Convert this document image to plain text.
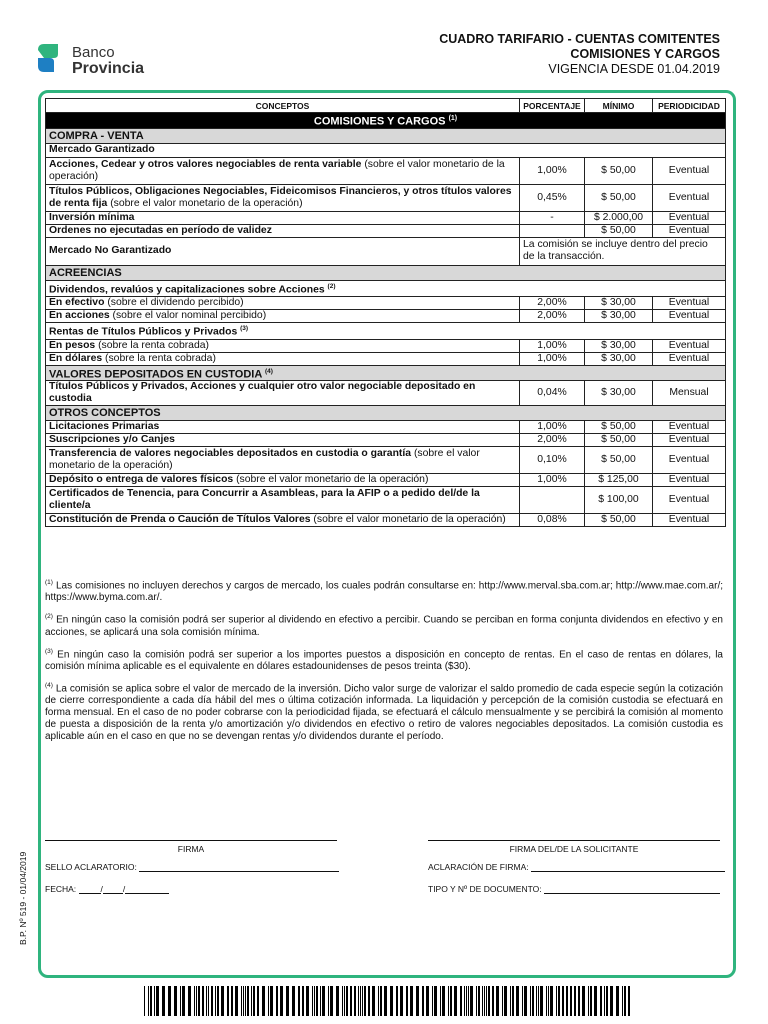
Banco
Provincia
CUADRO TARIFARIO - CUENTAS COMITENTES
COMISIONES Y CARGOS
VIGENCIA DESDE 01.04.2019
CONCEPTOS	PORCENTAJE	MÍNIMO	PERIODICIDAD
COMISIONES Y CARGOS $^{(1)}$
COMPRA - VENTA			
Mercado Garantizado			
Acciones, Cedear y otros valores negociables de renta variable (sobre el valor monetario de la operación)	1,00%	$ 50,00	Eventual
Títulos Públicos, Obligaciones Negociables, Fideicomisos Financieros, y otros títulos valores de renta fija (sobre el valor monetario de la operación)	0,45%	$ 50,00	Eventual
Inversión mínima	-	$ 2.000,00	Eventual
Ordenes no ejecutadas en período de validez		$ 50,00	Eventual
Mercado No Garantizado	La comisión se incluye dentro del precio de la transacción.		
ACREENCIAS			
Dividendos, revalúos y capitalizaciones sobre Acciones $^{(2)}$
En efectivo (sobre el dividendo percibido)	2,00%	$ 30,00	Eventual
En acciones (sobre el valor nominal percibido)	2,00%	$ 30,00	Eventual
Rentas de Títulos Públicos y Privados $^{(3)}$
En pesos (sobre la renta cobrada)	1,00%	$ 30,00	Eventual
En dólares (sobre la renta cobrada)	1,00%	$ 30,00	Eventual
VALORES DEPOSITADOS EN CUSTODIA $^{(4)}$
Títulos Públicos y Privados, Acciones y cualquier otro valor negociable depositado en custodia	0,04%	$ 30,00	Mensual
OTROS CONCEPTOS			
Licitaciones Primarias	1,00%	$ 50,00	Eventual
Suscripciones y/o Canjes	2,00%	$ 50,00	Eventual
Transferencia de valores negociables depositados en custodia o garantía (sobre el valor monetario de la operación)	0,10%	$ 50,00	Eventual
Depósito o entrega de valores físicos (sobre el valor monetario de la operación)	1,00%	$ 125,00	Eventual
Certificados de Tenencia, para Concurrir a Asambleas, para la AFIP o a pedido del/de la cliente/a		$ 100,00	Eventual
Constitución de Prenda o Caución de Títulos Valores (sobre el valor monetario de la operación)	0,08%	$ 50,00	Eventual

$^{(1)}$ Las comisiones no incluyen derechos y cargos de mercado, los cuales podrán consultarse en: http://www.merval.sba.com.ar; http://www.mae.com.ar/; https://www.byma.com.ar/.

$^{(2)}$ En ningún caso la comisión podrá ser superior al dividendo en efectivo a percibir. Cuando se perciban en forma conjunta dividendos en efectivo y en acciones, se aplicará una sola comisión mínima.

$^{(3)}$ En ningún caso la comisión podrá ser superior a los importes puestos a disposición en concepto de rentas. En el caso de rentas en dólares, la comisión mínima aplicable es el equivalente en dólares estadounidenses de pesos treinta ($30).

$^{(4)}$ La comisión se aplica sobre el valor de mercado de la inversión. Dicho valor surge de valorizar el saldo promedio de cada especie según la cotización de cierre correspondiente a cada día hábil del mes o última cotización informada. La liquidación y percepción de la comisión custodia se efectuará en forma mensual. En el caso de no poder cobrarse con la periodicidad fijada, se efectuará el cálculo mensualmente y se percibirá la comisión al momento de puesta a disposición de la renta y/o amortización y/o dividendos en efectivo o retiro de valores negociables depositados. La comisión custodia es aplicable aún en el caso en que no se devengan rentas y/o dividendos durante el período.

FIRMA	FIRMA DEL/DE LA SOLICITANTE
SELLO ACLARATORIO:
FECHA:	/ /
ACLARACIÓN DE FIRMA:
TIPO Y Nº DE DOCUMENTO:
B.P. Nº 519 - 01/04/2019
